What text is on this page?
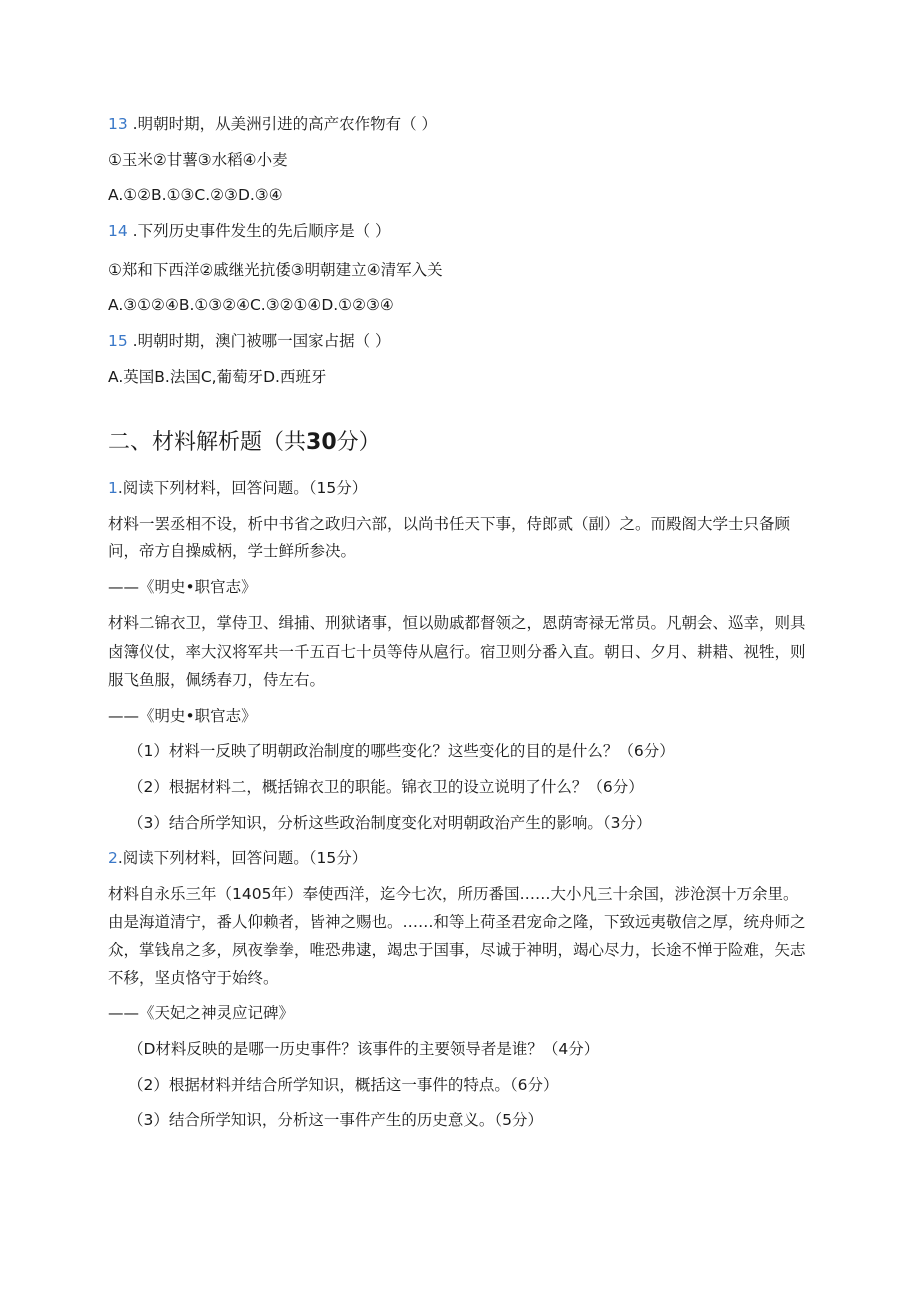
13 .明朝时期，从美洲引进的高产农作物有（ ）
①玉米②甘薯③水稻④小麦
A.①②B.①③C.②③D.③④
14 .下列历史事件发生的先后顺序是（ ）
①郑和下西洋②戚继光抗倭③明朝建立④清军入关
A.③①②④B.①③②④C.③②①④D.①②③④
15 .明朝时期，澳门被哪一国家占据（ ）
A.英国B.法国C,葡萄牙D.西班牙
二、材料解析题（共30分）
1.阅读下列材料，回答问题。（15分）
材料一罢丞相不设，析中书省之政归六部，以尚书任天下事，侍郎贰（副）之。而殿阁大学士只备顾
问，帝方自操威柄，学士鲜所参决。
——《明史•职官志》
材料二锦衣卫，掌侍卫、缉捕、刑狱诸事，恒以勋戚都督领之，恩荫寄禄无常员。凡朝会、巡幸，则具
卤簿仪仗，率大汉将军共一千五百七十员等侍从扈行。宿卫则分番入直。朝日、夕月、耕耤、视牲，则
服飞鱼服，佩绣春刀，侍左右。
——《明史•职官志》
（1）材料一反映了明朝政治制度的哪些变化？这些变化的目的是什么？（6分）
（2）根据材料二，概括锦衣卫的职能。锦衣卫的设立说明了什么？（6分）
（3）结合所学知识，分析这些政治制度变化对明朝政治产生的影响。（3分）
2.阅读下列材料，回答问题。（15分）
材料自永乐三年（1405年）奉使西洋，迄今七次，所历番国……大小凡三十余国，涉沧溟十万余里。
由是海道清宁，番人仰赖者，皆神之赐也。……和等上荷圣君宠命之隆，下致远夷敬信之厚，统舟师之
众，掌钱帛之多，夙夜拳拳，唯恐弗逮，竭忠于国事，尽诚于神明，竭心尽力，长途不惮于险难，矢志
不移，坚贞恪守于始终。
——《天妃之神灵应记碑》
（D材料反映的是哪一历史事件？该事件的主要领导者是谁？（4分）
（2）根据材料并结合所学知识，概括这一事件的特点。（6分）
（3）结合所学知识，分析这一事件产生的历史意义。（5分）
